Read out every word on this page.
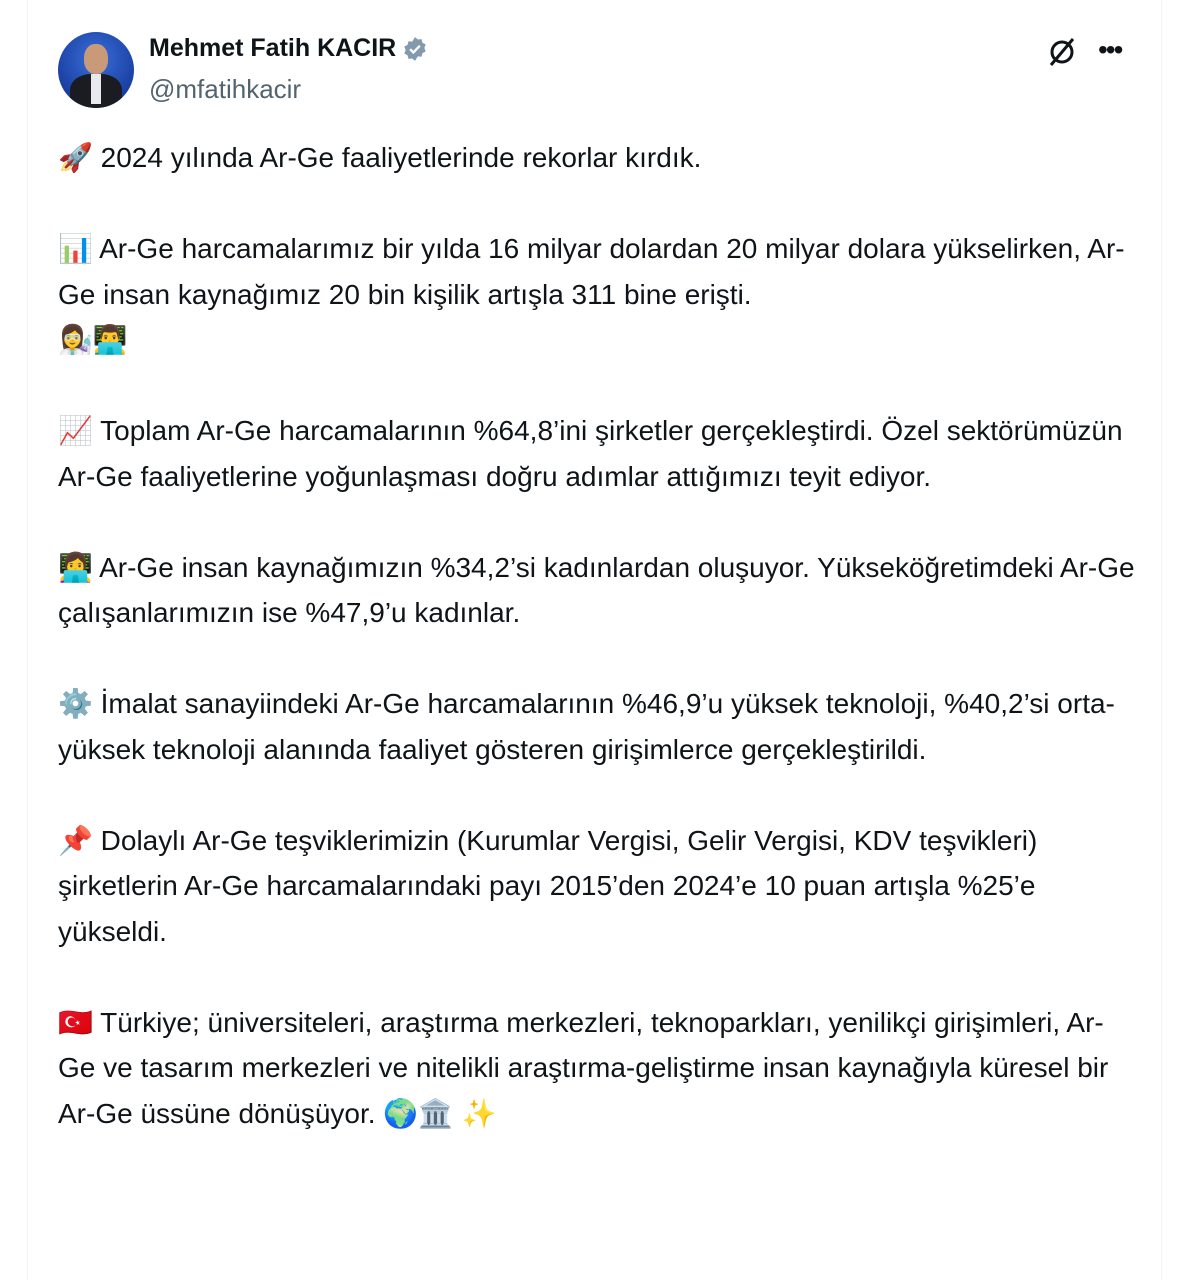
Mehmet Fatih KACIR
@mfatihkacir
•••

🚀 2024 yılında Ar-Ge faaliyetlerinde rekorlar kırdık.

📊 Ar-Ge harcamalarımız bir yılda 16 milyar dolardan 20 milyar dolara yükselirken, Ar-Ge insan kaynağımız 20 bin kişilik artışla 311 bine erişti.
👩‍🔬👨‍💻

📈 Toplam Ar-Ge harcamalarının %64,8’ini şirketler gerçekleştirdi. Özel sektörümüzün Ar-Ge faaliyetlerine yoğunlaşması doğru adımlar attığımızı teyit ediyor.

👩‍💻 Ar-Ge insan kaynağımızın %34,2’si kadınlardan oluşuyor. Yükseköğretimdeki Ar-Ge çalışanlarımızın ise %47,9’u kadınlar.

⚙️ İmalat sanayiindeki Ar-Ge harcamalarının %46,9’u yüksek teknoloji, %40,2’si orta-yüksek teknoloji alanında faaliyet gösteren girişimlerce gerçekleştirildi.

📌 Dolaylı Ar-Ge teşviklerimizin (Kurumlar Vergisi, Gelir Vergisi, KDV teşvikleri) şirketlerin Ar-Ge harcamalarındaki payı 2015’den 2024’e 10 puan artışla %25’e yükseldi.

🇹🇷 Türkiye; üniversiteleri, araştırma merkezleri, teknoparkları, yenilikçi girişimleri, Ar-Ge ve tasarım merkezleri ve nitelikli araştırma-geliştirme insan kaynağıyla küresel bir Ar-Ge üssüne dönüşüyor. 🌍🏛️ ✨
